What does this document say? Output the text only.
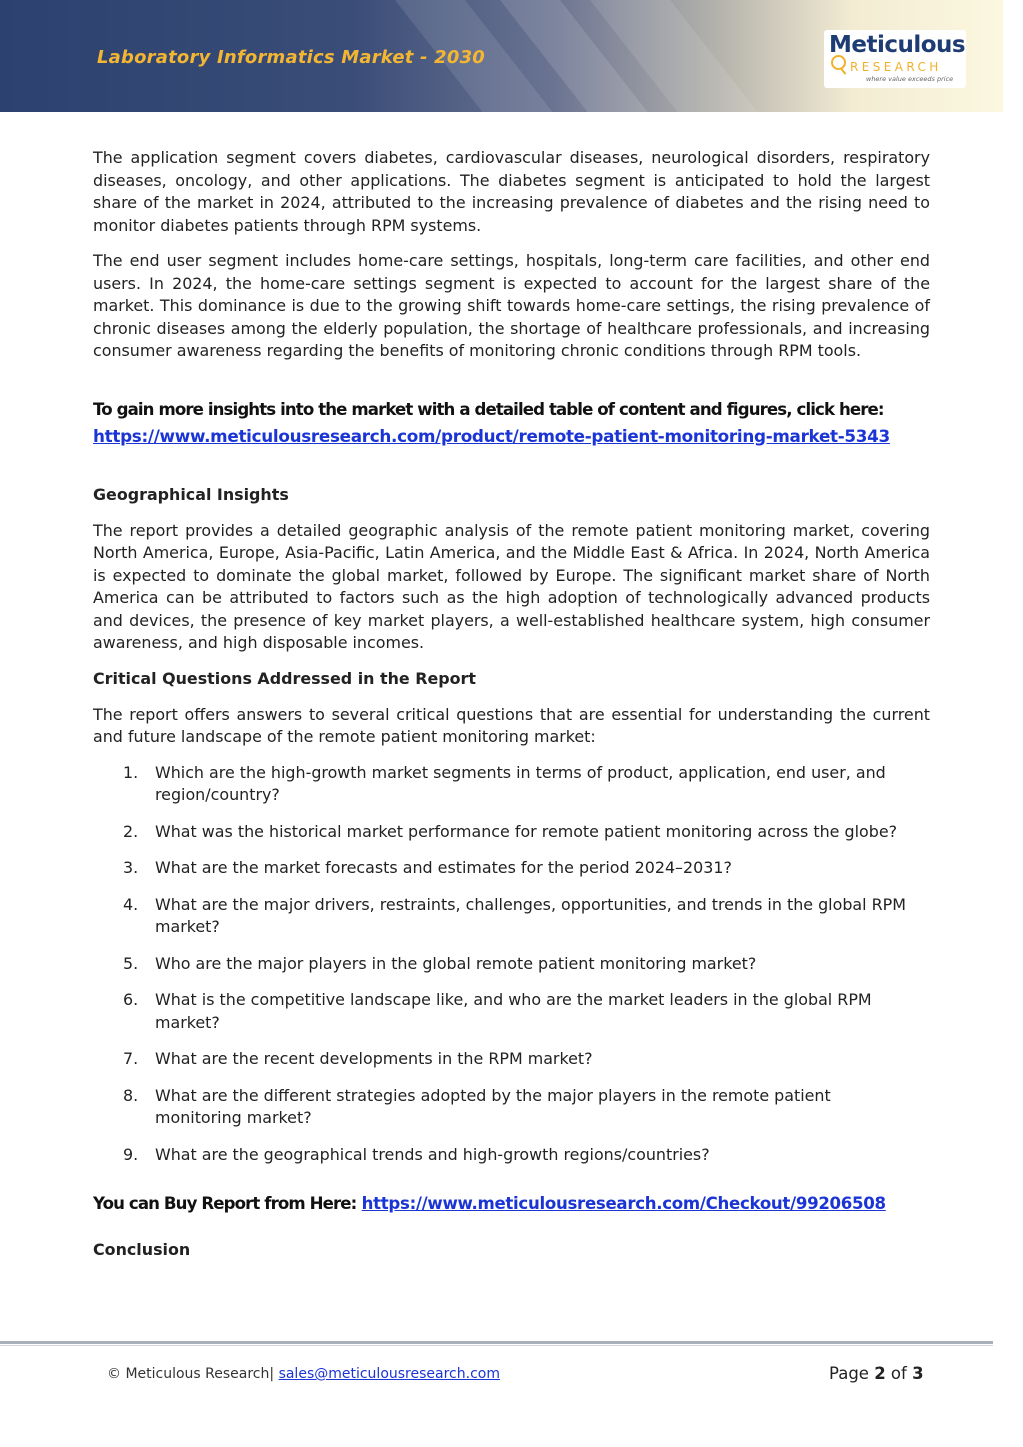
Laboratory Informatics Market - 2030	Meticulous
RESEARCH
where value exceeds price

The application segment covers diabetes, cardiovascular diseases, neurological disorders, respiratory diseases, oncology, and other applications. The diabetes segment is anticipated to hold the largest share of the market in 2024, attributed to the increasing prevalence of diabetes and the rising need to monitor diabetes patients through RPM systems.

The end user segment includes home-care settings, hospitals, long-term care facilities, and other end users. In 2024, the home-care settings segment is expected to account for the largest share of the market. This dominance is due to the growing shift towards home-care settings, the rising prevalence of chronic diseases among the elderly population, the shortage of healthcare professionals, and increasing consumer awareness regarding the benefits of monitoring chronic conditions through RPM tools.

To gain more insights into the market with a detailed table of content and figures, click here:
https://www.meticulousresearch.com/product/remote-patient-monitoring-market-5343
Geographical Insights

The report provides a detailed geographic analysis of the remote patient monitoring market, covering North America, Europe, Asia-Pacific, Latin America, and the Middle East & Africa. In 2024, North America is expected to dominate the global market, followed by Europe. The significant market share of North America can be attributed to factors such as the high adoption of technologically advanced products and devices, the presence of key market players, a well-established healthcare system, high consumer awareness, and high disposable incomes.

Critical Questions Addressed in the Report

The report offers answers to several critical questions that are essential for understanding the current and future landscape of the remote patient monitoring market:

1. Which are the high-growth market segments in terms of product, application, end user, and region/country?
2. What was the historical market performance for remote patient monitoring across the globe?
3. What are the market forecasts and estimates for the period 2024–2031?
4. What are the major drivers, restraints, challenges, opportunities, and trends in the global RPM market?
5. Who are the major players in the global remote patient monitoring market?
6. What is the competitive landscape like, and who are the market leaders in the global RPM market?
7. What are the recent developments in the RPM market?
8. What are the different strategies adopted by the major players in the remote patient monitoring market?
9. What are the geographical trends and high-growth regions/countries?
You can Buy Report from Here: https://www.meticulousresearch.com/Checkout/99206508
Conclusion
© Meticulous Research| sales@meticulousresearch.com	Page 2 of 3
